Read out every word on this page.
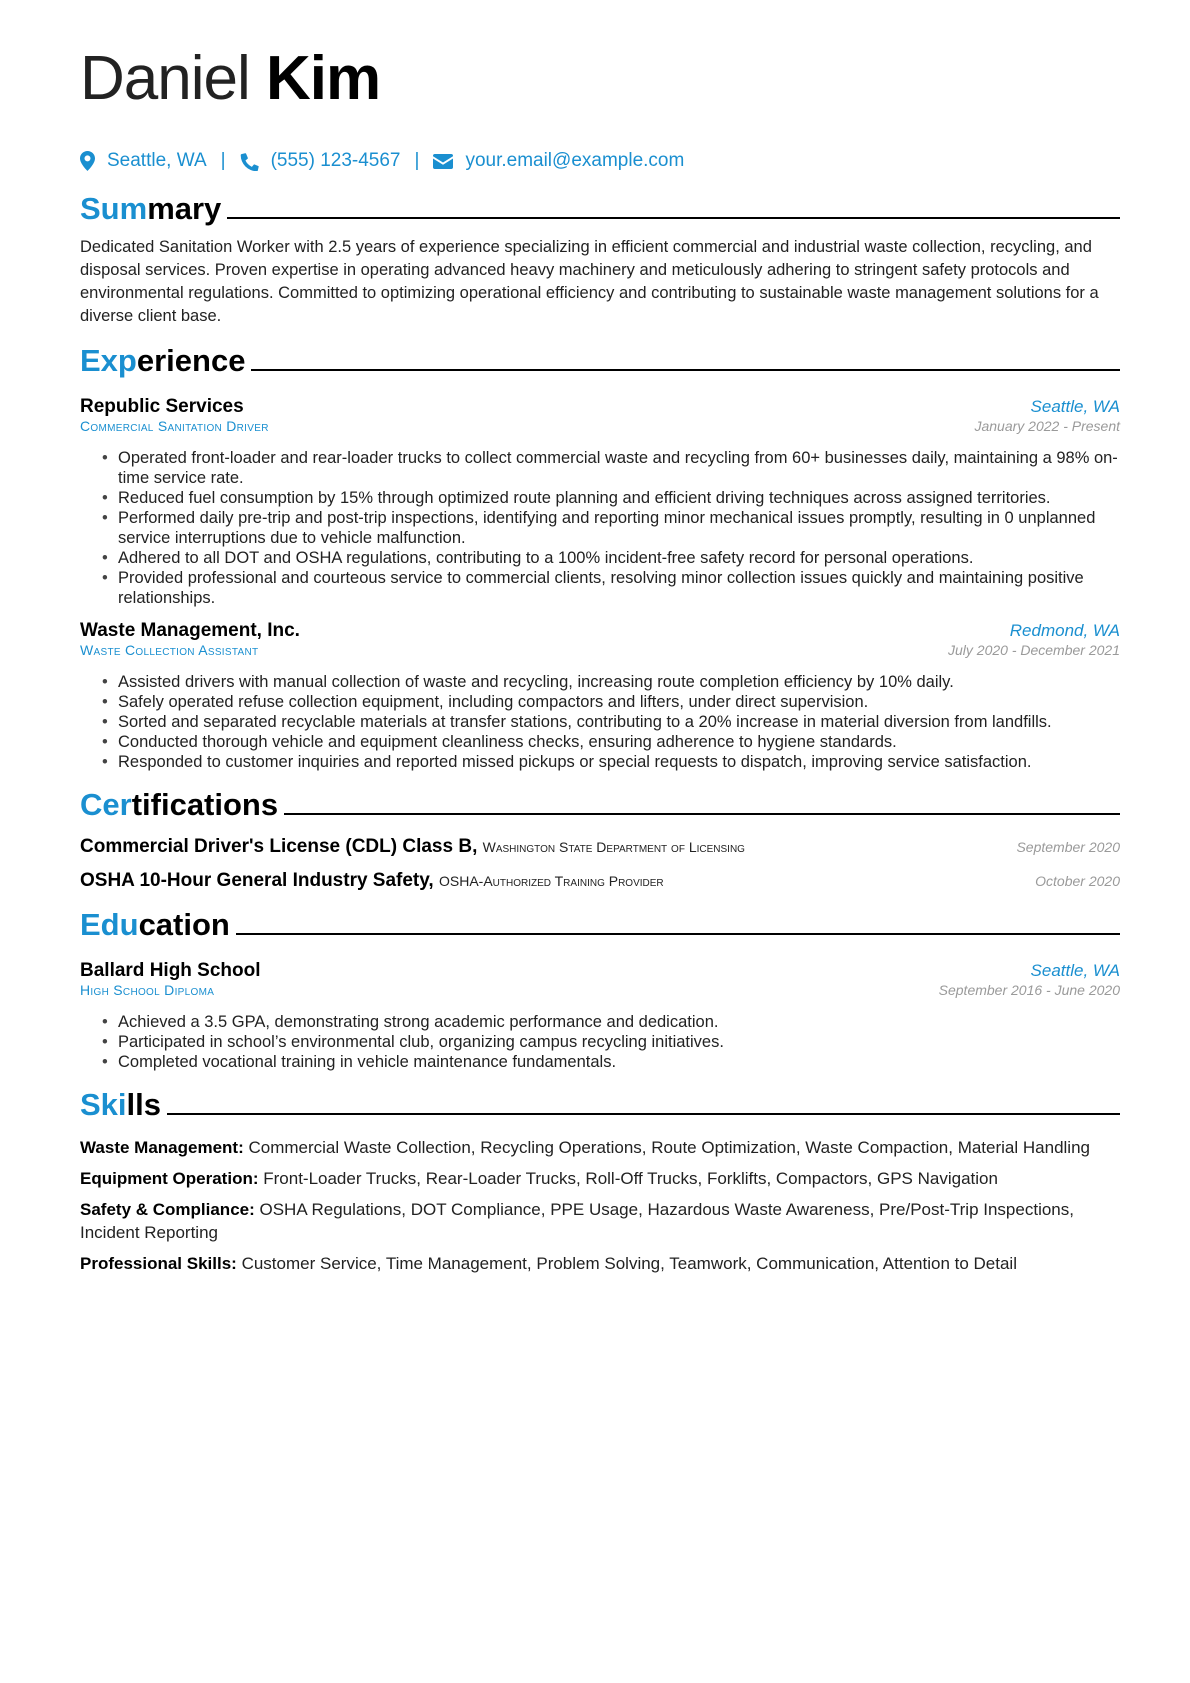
Daniel Kim
Seattle, WA | (555) 123-4567 | your.email@example.com
Summary

Dedicated Sanitation Worker with 2.5 years of experience specializing in efficient commercial and industrial waste collection, recycling, and disposal services. Proven expertise in operating advanced heavy machinery and meticulously adhering to stringent safety protocols and environmental regulations. Committed to optimizing operational efficiency and contributing to sustainable waste management solutions for a diverse client base.

Experience
Republic Services	Seattle, WA
Commercial Sanitation Driver	January 2022 - Present
• Operated front-loader and rear-loader trucks to collect commercial waste and recycling from 60+ businesses daily, maintaining a 98% on-time service rate.
• Reduced fuel consumption by 15% through optimized route planning and efficient driving techniques across assigned territories.
• Performed daily pre-trip and post-trip inspections, identifying and reporting minor mechanical issues promptly, resulting in 0 unplanned service interruptions due to vehicle malfunction.
• Adhered to all DOT and OSHA regulations, contributing to a 100% incident-free safety record for personal operations.
• Provided professional and courteous service to commercial clients, resolving minor collection issues quickly and maintaining positive relationships.
Waste Management, Inc.	Redmond, WA
Waste Collection Assistant	July 2020 - December 2021
• Assisted drivers with manual collection of waste and recycling, increasing route completion efficiency by 10% daily.
• Safely operated refuse collection equipment, including compactors and lifters, under direct supervision.
• Sorted and separated recyclable materials at transfer stations, contributing to a 20% increase in material diversion from landfills.
• Conducted thorough vehicle and equipment cleanliness checks, ensuring adherence to hygiene standards.
• Responded to customer inquiries and reported missed pickups or special requests to dispatch, improving service satisfaction.
Certifications
Commercial Driver's License (CDL) Class B, Washington State Department of Licensing	September 2020
OSHA 10-Hour General Industry Safety, OSHA-Authorized Training Provider	October 2020
Education
Ballard High School	Seattle, WA
High School Diploma	September 2016 - June 2020
• Achieved a 3.5 GPA, demonstrating strong academic performance and dedication.
• Participated in school’s environmental club, organizing campus recycling initiatives.
• Completed vocational training in vehicle maintenance fundamentals.
Skills
Waste Management: Commercial Waste Collection, Recycling Operations, Route Optimization, Waste Compaction, Material Handling
Equipment Operation: Front-Loader Trucks, Rear-Loader Trucks, Roll-Off Trucks, Forklifts, Compactors, GPS Navigation
Safety & Compliance: OSHA Regulations, DOT Compliance, PPE Usage, Hazardous Waste Awareness, Pre/Post-Trip Inspections, Incident Reporting
Professional Skills: Customer Service, Time Management, Problem Solving, Teamwork, Communication, Attention to Detail
